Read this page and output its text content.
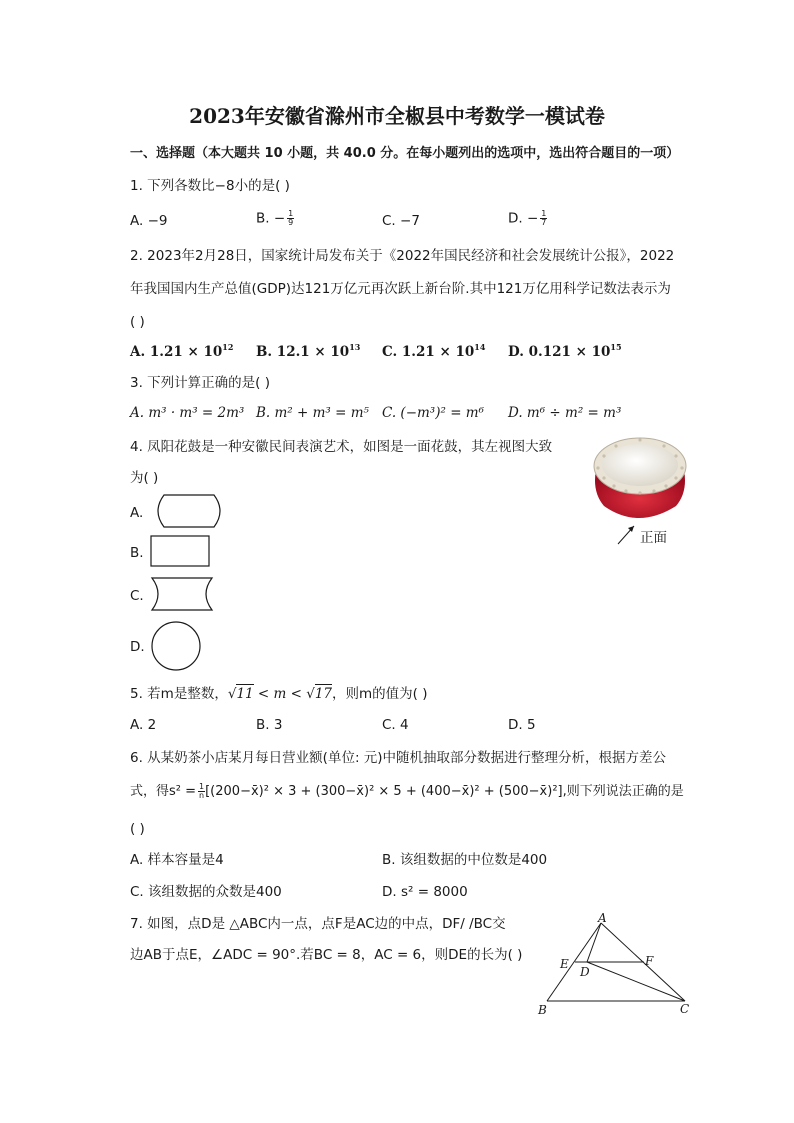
2023年安徽省滁州市全椒县中考数学一模试卷
一、选择题（本大题共 10 小题，共 40.0 分。在每小题列出的选项中，选出符合题目的一项）
1. 下列各数比−8小的是( )
A. −9	B. − $\frac{1}{9}$	C. −7	D. − $\frac{1}{7}$
2. 2023年2月28日，国家统计局发布关于《2022年国民经济和社会发展统计公报》，2022
年我国国内生产总值(GDP)达121万亿元再次跃上新台阶.其中121万亿用科学记数法表示为
( )
A. $1.21 \times 10^{12}$ B. $12.1 \times 10^{13}$ C. $1.21 \times 10^{14}$ D. $0.121 \times 10^{15}$
3. 下列计算正确的是( )
A. m³ · m³ = 2m³ B. m² + m³ = m⁵ C. (−m³)² = m⁶ D. m⁶ ÷ m² = m³
4. 凤阳花鼓是一种安徽民间表演艺术，如图是一面花鼓，其左视图大致
为( )
A.
B.
C.
D.
正面
5. 若m是整数，√11 < m < √17，则m的值为( )
A. 2	B. 3	C. 4	D. 5
6. 从某奶茶小店某月每日营业额(单位: 元)中随机抽取部分数据进行整理分析，根据方差公
式，得$s^2 = \frac{1}{n}$ [(200−x̄)² × 3 + (300−x̄)² × 5 + (400−x̄)² + (500−x̄)²],则下列说法正确的是
( )
A. 样本容量是4	B. 该组数据的中位数是400
C. 该组数据的众数是400	D. s² = 8000
7. 如图，点D是 △ABC内一点，点F是AC边的中点，DF/ /BC交
边AB于点E，∠ADC = 90°.若BC = 8，AC = 6，则DE的长为( )
A
E
D
F
B	C
